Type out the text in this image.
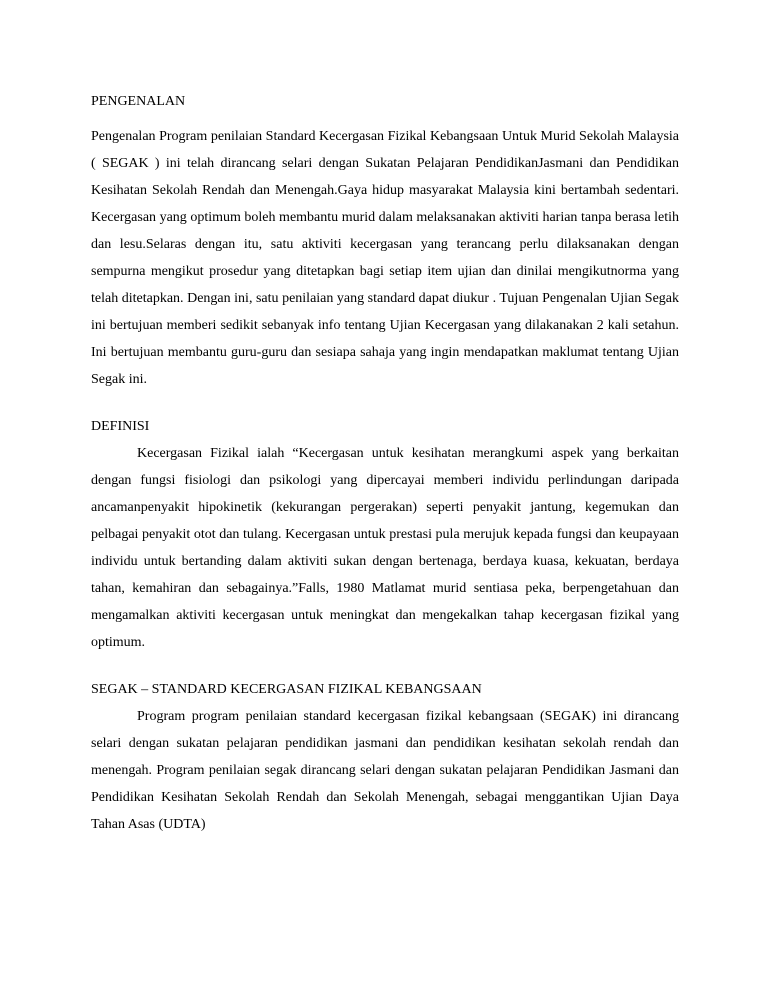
PENGENALAN

Pengenalan Program penilaian Standard Kecergasan Fizikal Kebangsaan Untuk Murid Sekolah Malaysia ( SEGAK ) ini telah dirancang selari dengan Sukatan Pelajaran PendidikanJasmani dan Pendidikan Kesihatan Sekolah Rendah dan Menengah.Gaya hidup masyarakat Malaysia kini bertambah sedentari. Kecergasan yang optimum boleh membantu murid dalam melaksanakan aktiviti harian tanpa berasa letih dan lesu.Selaras dengan itu, satu aktiviti kecergasan yang terancang perlu dilaksanakan dengan sempurna mengikut prosedur yang ditetapkan bagi setiap item ujian dan dinilai mengikutnorma yang telah ditetapkan. Dengan ini, satu penilaian yang standard dapat diukur . Tujuan Pengenalan Ujian Segak ini bertujuan memberi sedikit sebanyak info tentang Ujian Kecergasan yang dilakanakan 2 kali setahun. Ini bertujuan membantu guru-guru dan sesiapa sahaja yang ingin mendapatkan maklumat tentang Ujian Segak ini.

DEFINISI

Kecergasan Fizikal ialah “Kecergasan untuk kesihatan merangkumi aspek yang berkaitan dengan fungsi fisiologi dan psikologi yang dipercayai memberi individu perlindungan daripada ancamanpenyakit hipokinetik (kekurangan pergerakan) seperti penyakit jantung, kegemukan dan pelbagai penyakit otot dan tulang. Kecergasan untuk prestasi pula merujuk kepada fungsi dan keupayaan individu untuk bertanding dalam aktiviti sukan dengan bertenaga, berdaya kuasa, kekuatan, berdaya tahan, kemahiran dan sebagainya.”Falls, 1980 Matlamat murid sentiasa peka, berpengetahuan dan mengamalkan aktiviti kecergasan untuk meningkat dan mengekalkan tahap kecergasan fizikal yang optimum.

SEGAK – STANDARD KECERGASAN FIZIKAL KEBANGSAAN

Program program penilaian standard kecergasan fizikal kebangsaan (SEGAK) ini dirancang selari dengan sukatan pelajaran pendidikan jasmani dan pendidikan kesihatan sekolah rendah dan menengah. Program penilaian segak dirancang selari dengan sukatan pelajaran Pendidikan Jasmani dan Pendidikan Kesihatan Sekolah Rendah dan Sekolah Menengah, sebagai menggantikan Ujian Daya Tahan Asas (UDTA)
